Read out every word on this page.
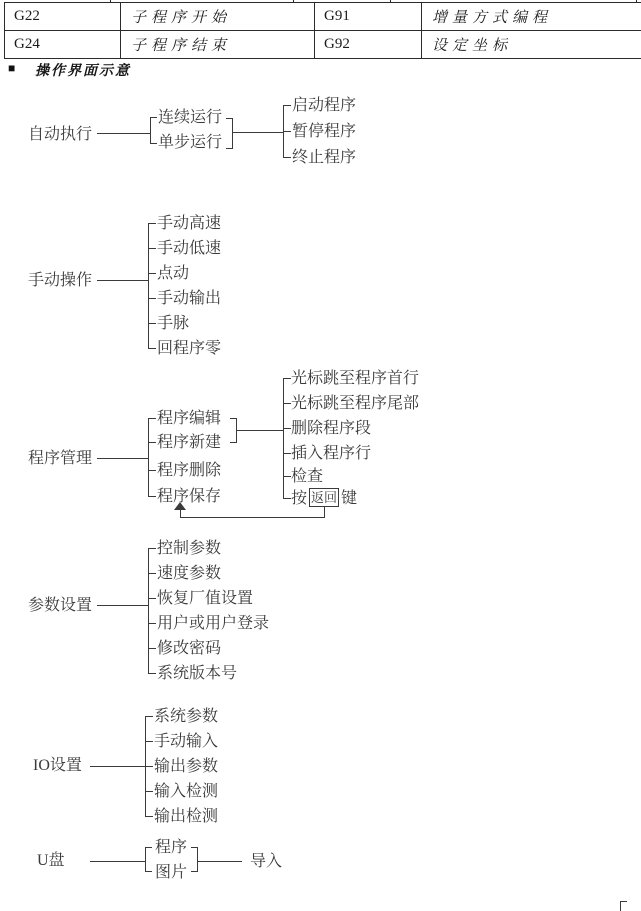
G22	子程序开始	G91	增量方式编程
G24	子程序结束	G92	设定坐标
■ 操作界面示意
自动执行
连续运行
单步运行
启动程序
暂停程序
终止程序
手动操作
手动高速
手动低速
点动
手动输出
手脉
回程序零
程序管理
程序编辑
程序新建
程序删除
程序保存
光标跳至程序首行
光标跳至程序尾部
删除程序段
插入程序行
检查
按 返回 键
参数设置
控制参数
速度参数
恢复厂值设置
用户或用户登录
修改密码
系统版本号
IO设置
系统参数
手动输入
输出参数
输入检测
输出检测
U盘
程序
图片
导入
